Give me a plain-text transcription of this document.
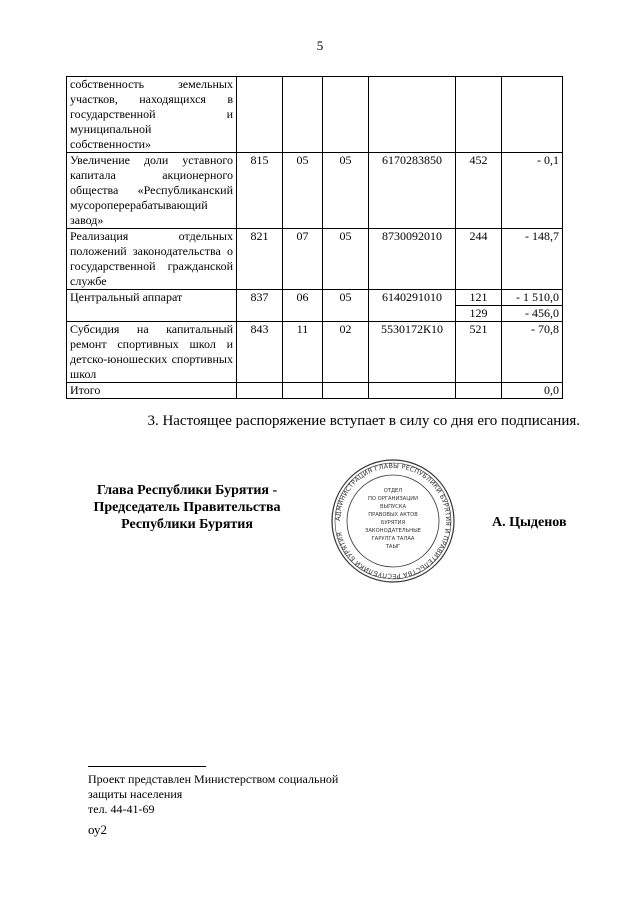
5
собственность земельных участков, находящихся в государственной и муниципальной собственности»						
Увеличение доли уставного капитала акционерного общества «Республиканский мусороперерабатывающий завод»	815	05	05	6170283850	452	- 0,1
Реализация отдельных положений законодательства о государственной гражданской службе	821	07	05	8730092010	244	- 148,7
Центральный аппарат	837	06	05	6140291010	121	- 1 510,0
					129	- 456,0
Субсидия на капитальный ремонт спортивных школ и детско-юношеских спортивных школ	843	11	02	5530172К10	521	- 70,8
Итого						0,0
3. Настоящее распоряжение вступает в силу со дня его подписания.
Глава Республики Бурятия -
Председатель Правительства
Республики Бурятия	АДМИНИСТРАЦИЯ ГЛАВЫ РЕСПУБЛИКИ БУРЯТИЯ И ПРАВИТЕЛЬСТВА РЕСПУБЛИКИ БУРЯТИЯ
ОТДЕЛ
ПО ОРГАНИЗАЦИИ
ВЫПУСКА
ПРАВОВЫХ АКТОВ
БУРЯТИЯ
ЗАКОНОДАТЕЛЬНЫЕ
ГАРУЛГА ТАЛАА
ТАЫГ
А. Цыденов
Проект представлен Министерством социальной
защиты населения
тел. 44-41-69
оу2
